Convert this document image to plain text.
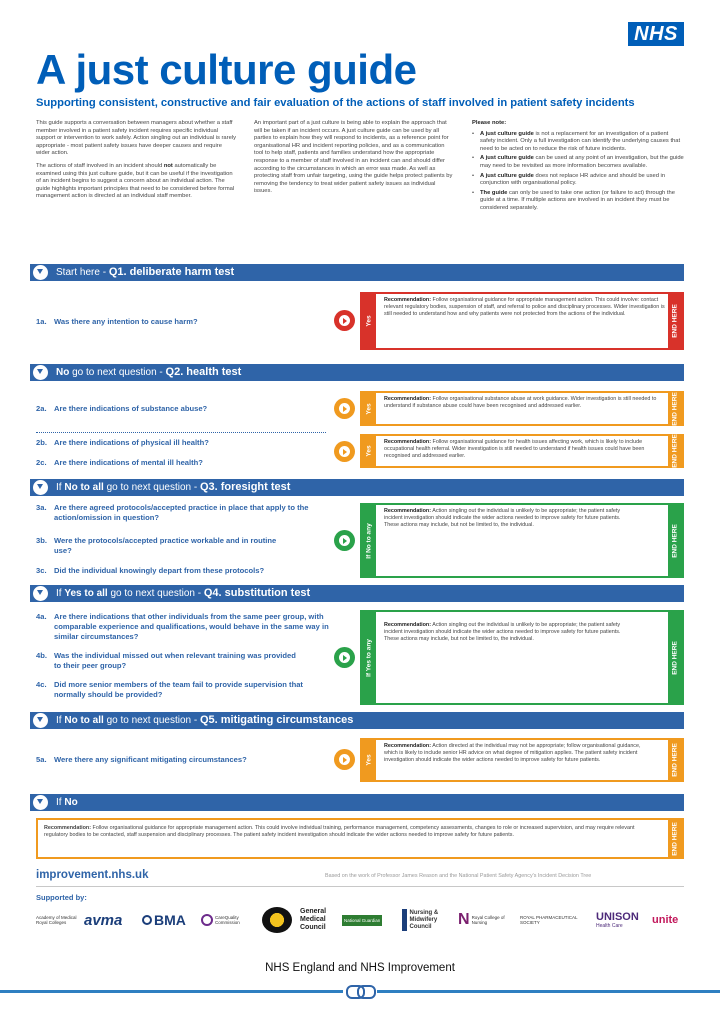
NHS
A just culture guide
Supporting consistent, constructive and fair evaluation of the actions of staff involved in patient safety incidents

This guide supports a conversation between managers about whether a staff member involved in a patient safety incident requires specific individual support or intervention to work safely. Action singling out an individual is rarely appropriate - most patient safety issues have deeper causes and require wider action.

The actions of staff involved in an incident should not automatically be examined using this just culture guide, but it can be useful if the investigation of an incident begins to suggest a concern about an individual action. The guide highlights important principles that need to be considered before formal management action is directed at an individual staff member.

An important part of a just culture is being able to explain the approach that will be taken if an incident occurs. A just culture guide can be used by all parties to explain how they will respond to incidents, as a reference point for organisational HR and incident reporting policies, and as a communication tool to help staff, patients and families understand how the appropriate response to a member of staff involved in an incident can and should differ according to the circumstances in which an error was made. As well as protecting staff from unfair targeting, using the guide helps protect patients by removing the tendency to treat wider patient safety issues as individual issues.

Please note:
• A just culture guide is not a replacement for an investigation of a patient safety incident. Only a full investigation can identify the underlying causes that need to be acted on to reduce the risk of future incidents.
• A just culture guide can be used at any point of an investigation, but the guide may need to be revisited as more information becomes available.
• A just culture guide does not replace HR advice and should be used in conjunction with organisational policy.
• The guide can only be used to take one action (or failure to act) through the guide at a time. If multiple actions are involved in an incident they must be considered separately.
Start here - Q1. deliberate harm test
1a. Was there any intention to cause harm?	Yes
Recommendation: Follow organisational guidance for appropriate management action. This could involve: contact relevant regulatory bodies, suspension of staff, and referral to police and disciplinary processes. Wider investigation is still needed to understand how and why patients were not protected from the actions of the individual.	END HERE
No go to next question - Q2. health test
2a. Are there indications of substance abuse?	Yes
Recommendation: Follow organisational substance abuse at work guidance. Wider investigation is still needed to understand if substance abuse could have been recognised and addressed earlier.	END HERE
2b. Are there indications of physical ill health?
2c. Are there indications of mental ill health?
Yes
Recommendation: Follow organisational guidance for health issues affecting work, which is likely to include occupational health referral. Wider investigation is still needed to understand if health issues could have been recognised and addressed earlier.	END HERE
If No to all go to next question - Q3. foresight test
3a. Are there agreed protocols/accepted practice in place that apply to the action/omission in question?
3b. Were the protocols/accepted practice workable and in routine use?
3c. Did the individual knowingly depart from these protocols?
If No to any
Recommendation: Action singling out the individual is unlikely to be appropriate; the patient safety incident investigation should indicate the wider actions needed to improve safety for future patients. These actions may include, but not be limited to, the individual.	END HERE
If Yes to all go to next question - Q4. substitution test
4a. Are there indications that other individuals from the same peer group, with comparable experience and qualifications, would behave in the same way in similar circumstances?
4b. Was the individual missed out when relevant training was provided to their peer group?
4c. Did more senior members of the team fail to provide supervision that normally should be provided?
If Yes to any
Recommendation: Action singling out the individual is unlikely to be appropriate; the patient safety incident investigation should indicate the wider actions needed to improve safety for future patients. These actions may include, but not be limited to, the individual.
END HERE
If No to all go to next question - Q5. mitigating circumstances
5a. Were there any significant mitigating circumstances?	Yes
Recommendation: Action directed at the individual may not be appropriate; follow organisational guidance, which is likely to include senior HR advice on what degree of mitigation applies. The patient safety incident investigation should indicate the wider actions needed to improve safety for future patients.	END HERE
If No
Recommendation: Follow organisational guidance for appropriate management action. This could involve individual training, performance management, competency assessments, changes to role or increased supervision, and may require relevant regulatory bodies to be contacted, staff suspension and disciplinary processes. The patient safety incident investigation should indicate the wider actions needed to improve safety for future patients.	END HERE
improvement.nhs.uk	Based on the work of Professor James Reason and the National Patient Safety Agency's Incident Decision Tree
Supported by:
Academy of Medical Royal Colleges	avma BMA	CareQuality Commission
General Medical Council
National Guardian
Nursing & Midwifery Council	N Royal College of Nursing
ROYAL PHARMACEUTICAL SOCIETY	UNISON
Health Care	unite
NHS England and NHS Improvement
